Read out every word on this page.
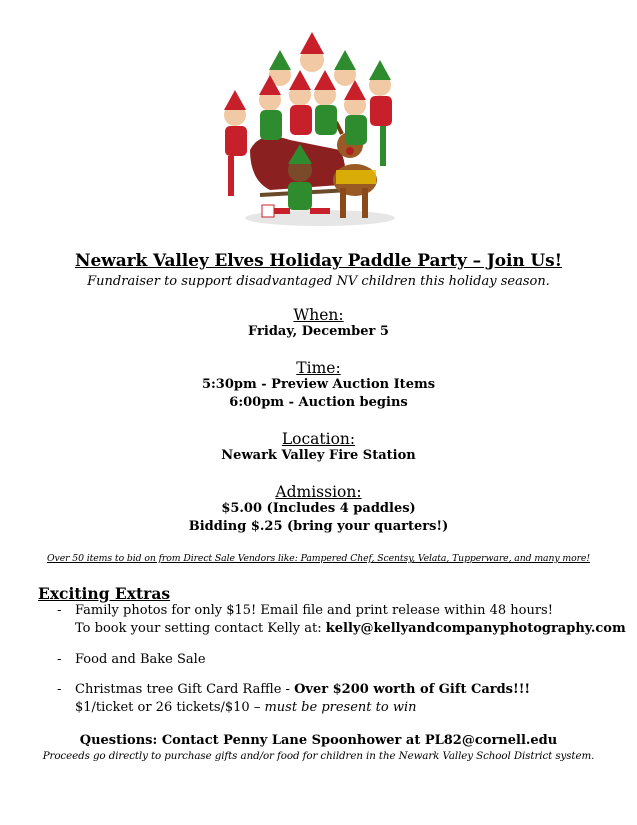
Newark Valley Elves Holiday Paddle Party – Join Us!
Fundraiser to support disadvantaged NV children this holiday season.
When:
Friday, December 5
Time:
5:30pm - Preview Auction Items
6:00pm - Auction begins
Location:
Newark Valley Fire Station
Admission:
$5.00 (Includes 4 paddles)
Bidding $.25 (bring your quarters!)
Over 50 items to bid on from Direct Sale Vendors like: Pampered Chef, Scentsy, Velata, Tupperware, and many more!
Exciting Extras
- Family photos for only $15! Email file and print release within 48 hours!
To book your setting contact Kelly at: kelly@kellyandcompanyphotography.com
- Food and Bake Sale
- Christmas tree Gift Card Raffle - Over $200 worth of Gift Cards!!!
$1/ticket or 26 tickets/$10 – must be present to win
Questions: Contact Penny Lane Spoonhower at PL82@cornell.edu
Proceeds go directly to purchase gifts and/or food for children in the Newark Valley School District system.
